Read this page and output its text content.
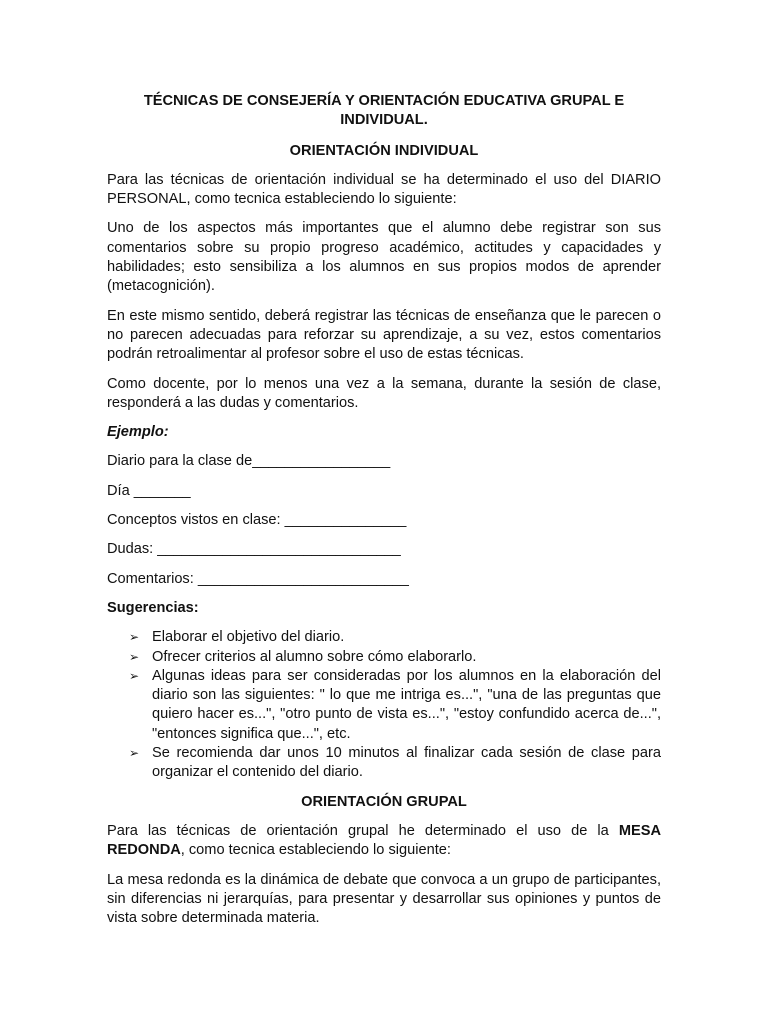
TÉCNICAS DE CONSEJERÍA Y ORIENTACIÓN EDUCATIVA GRUPAL E INDIVIDUAL.
ORIENTACIÓN INDIVIDUAL

Para las técnicas de orientación individual se ha determinado el uso del DIARIO PERSONAL, como tecnica estableciendo lo siguiente:

Uno de los aspectos más importantes que el alumno debe registrar son sus comentarios sobre su propio progreso académico, actitudes y capacidades y habilidades; esto sensibiliza a los alumnos en sus propios modos de aprender (metacognición).

En este mismo sentido, deberá registrar las técnicas de enseñanza que le parecen o no parecen adecuadas para reforzar su aprendizaje, a su vez, estos comentarios podrán retroalimentar al profesor sobre el uso de estas técnicas.

Como docente, por lo menos una vez a la semana, durante la sesión de clase, responderá a las dudas y comentarios.

Ejemplo:
Diario para la clase de_________________
Día _______
Conceptos vistos en clase: _______________
Dudas: ______________________________
Comentarios: __________________________
Sugerencias:
➢ Elaborar el objetivo del diario.
➢ Ofrecer criterios al alumno sobre cómo elaborarlo.
➢ Algunas ideas para ser consideradas por los alumnos en la elaboración del diario son las siguientes: " lo que me intriga es...", "una de las preguntas que quiero hacer es...", "otro punto de vista es...", "estoy confundido acerca de...", "entonces significa que...", etc.
➢ Se recomienda dar unos 10 minutos al finalizar cada sesión de clase para organizar el contenido del diario.
ORIENTACIÓN GRUPAL

Para las técnicas de orientación grupal he determinado el uso de la MESA REDONDA, como tecnica estableciendo lo siguiente:

La mesa redonda es la dinámica de debate que convoca a un grupo de participantes, sin diferencias ni jerarquías, para presentar y desarrollar sus opiniones y puntos de vista sobre determinada materia.
